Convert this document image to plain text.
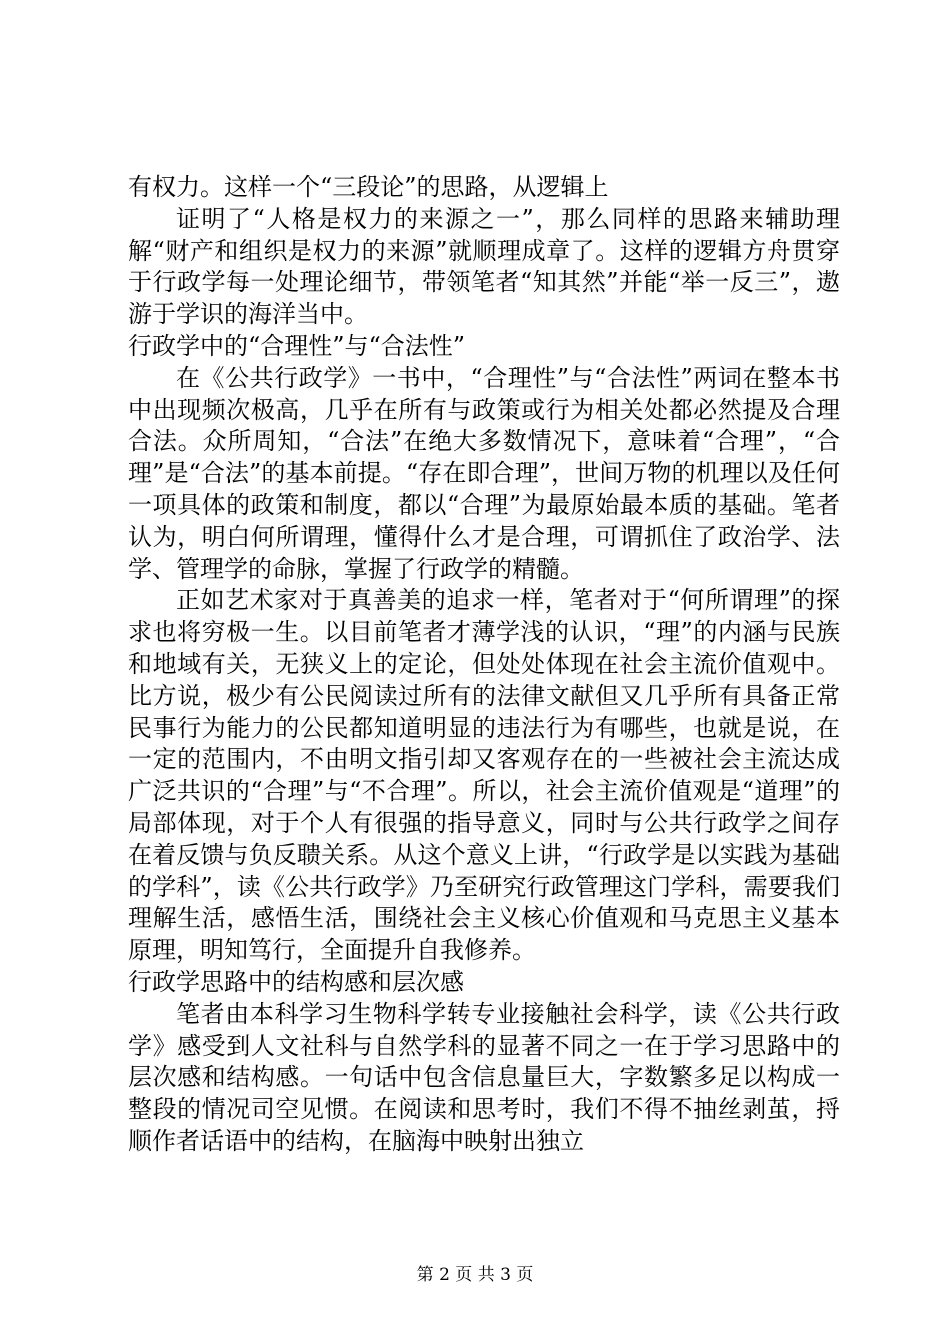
有权力。这样一个“三段论”的思路，从逻辑上

证明了“人格是权力的来源之一”，那么同样的思路来辅助理解“财产和组织是权力的来源”就顺理成章了。这样的逻辑方舟贯穿于行政学每一处理论细节，带领笔者“知其然”并能“举一反三”，遨游于学识的海洋当中。

行政学中的“合理性”与“合法性”

在《公共行政学》一书中，“合理性”与“合法性”两词在整本书中出现频次极高，几乎在所有与政策或行为相关处都必然提及合理合法。众所周知，“合法”在绝大多数情况下，意味着“合理”，“合理”是“合法”的基本前提。“存在即合理”，世间万物的机理以及任何一项具体的政策和制度，都以“合理”为最原始最本质的基础。笔者认为，明白何所谓理，懂得什么才是合理，可谓抓住了政治学、法学、管理学的命脉，掌握了行政学的精髓。

正如艺术家对于真善美的追求一样，笔者对于“何所谓理”的探求也将穷极一生。以目前笔者才薄学浅的认识，“理”的内涵与民族和地域有关，无狭义上的定论，但处处体现在社会主流价值观中。比方说，极少有公民阅读过所有的法律文献但又几乎所有具备正常民事行为能力的公民都知道明显的违法行为有哪些，也就是说，在一定的范围内，不由明文指引却又客观存在的一些被社会主流达成广泛共识的“合理”与“不合理”。所以，社会主流价值观是“道理”的局部体现，对于个人有很强的指导意义，同时与公共行政学之间存在着反馈与负反聩关系。从这个意义上讲，“行政学是以实践为基础的学科”，读《公共行政学》乃至研究行政管理这门学科，需要我们理解生活，感悟生活，围绕社会主义核心价值观和马克思主义基本原理，明知笃行，全面提升自我修养。

行政学思路中的结构感和层次感

笔者由本科学习生物科学转专业接触社会科学，读《公共行政学》感受到人文社科与自然学科的显著不同之一在于学习思路中的层次感和结构感。一句话中包含信息量巨大，字数繁多足以构成一整段的情况司空见惯。在阅读和思考时，我们不得不抽丝剥茧，捋顺作者话语中的结构，在脑海中映射出独立

第 2 页 共 3 页
